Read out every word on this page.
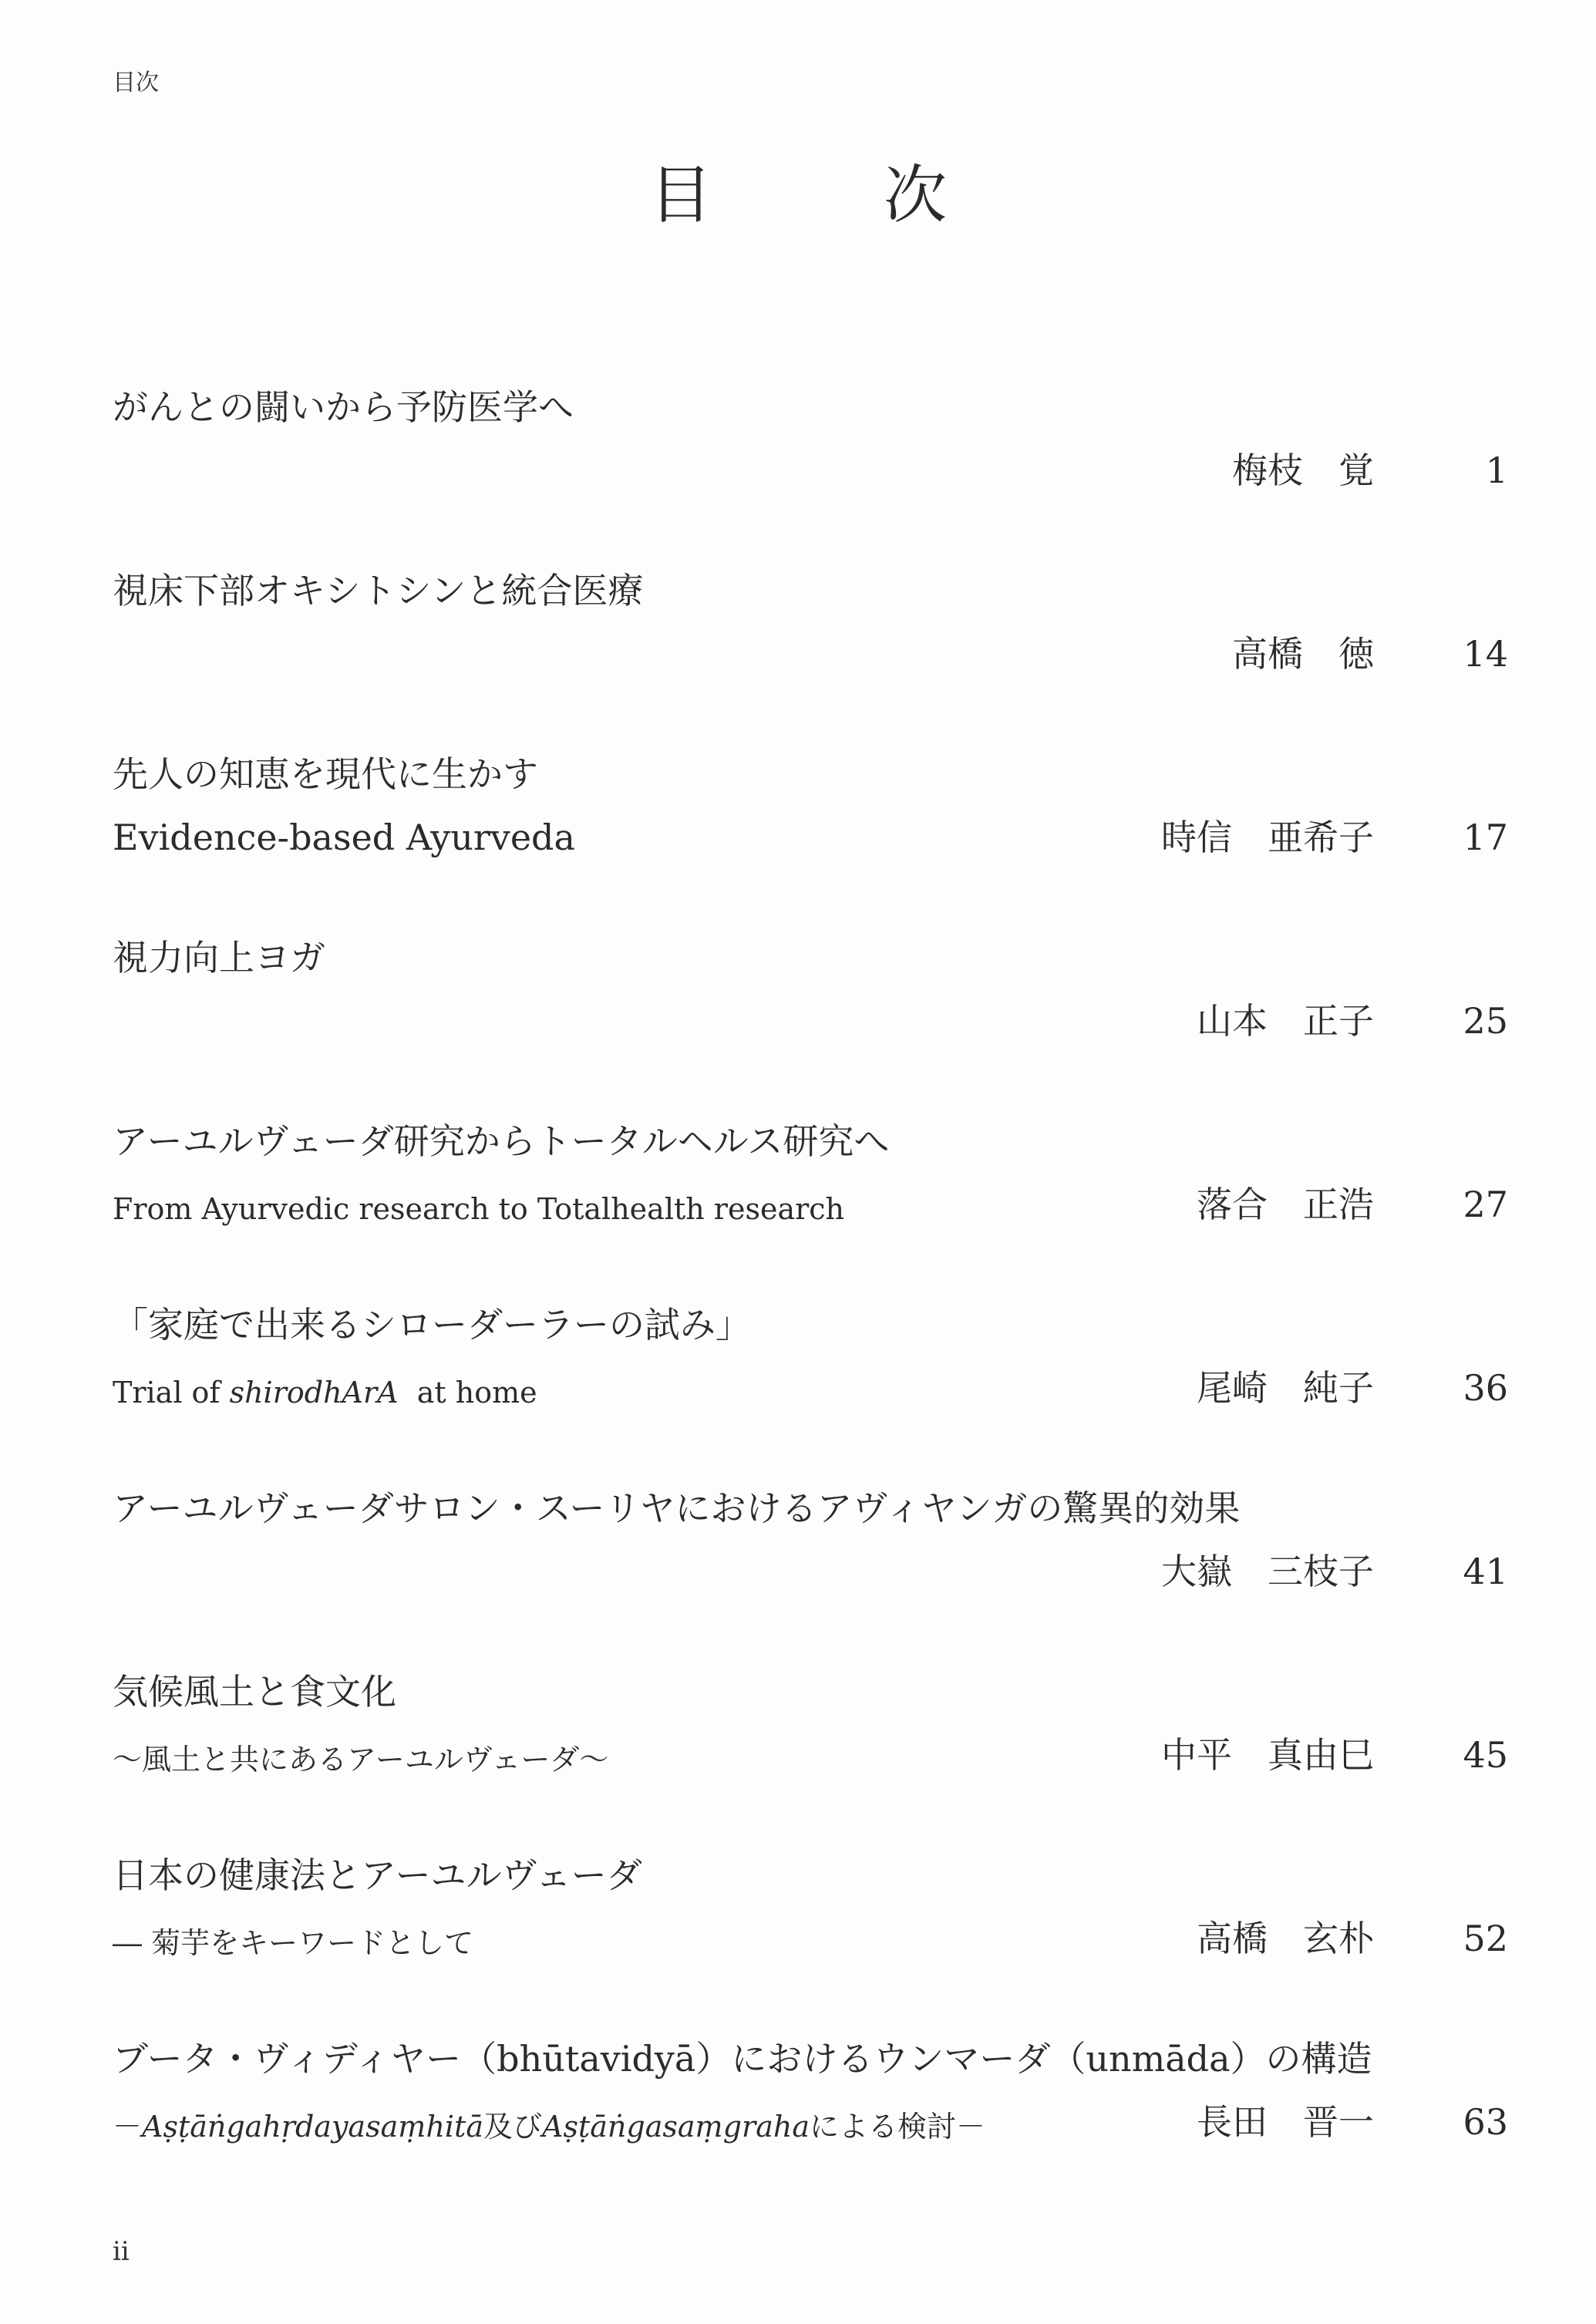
目次
目　次
がんとの闘いから予防医学へ
梅枝　覚	1
視床下部オキシトシンと統合医療
高橋　徳	14
先人の知恵を現代に生かす
Evidence-based Ayurveda	時信　亜希子	17
視力向上ヨガ
山本　正子	25
アーユルヴェーダ研究からトータルヘルス研究へ
From Ayurvedic research to Totalhealth research	落合　正浩	27
「家庭で出来るシローダーラーの試み」
Trial of shirodhArA  at home	尾崎　純子	36
アーユルヴェーダサロン・スーリヤにおけるアヴィヤンガの驚異的効果
大嶽　三枝子	41
気候風土と食文化
～風土と共にあるアーユルヴェーダ～	中平　真由巳	45
日本の健康法とアーユルヴェーダ
― 菊芋をキーワードとして	高橋　玄朴	52
ブータ・ヴィディヤー（bhūtavidyā）におけるウンマーダ（unmāda）の構造
－Aṣṭāṅgahṛdayasaṃhitā及びAṣṭāṅgasaṃgrahaによる検討－	長田　晋一	63
ii
